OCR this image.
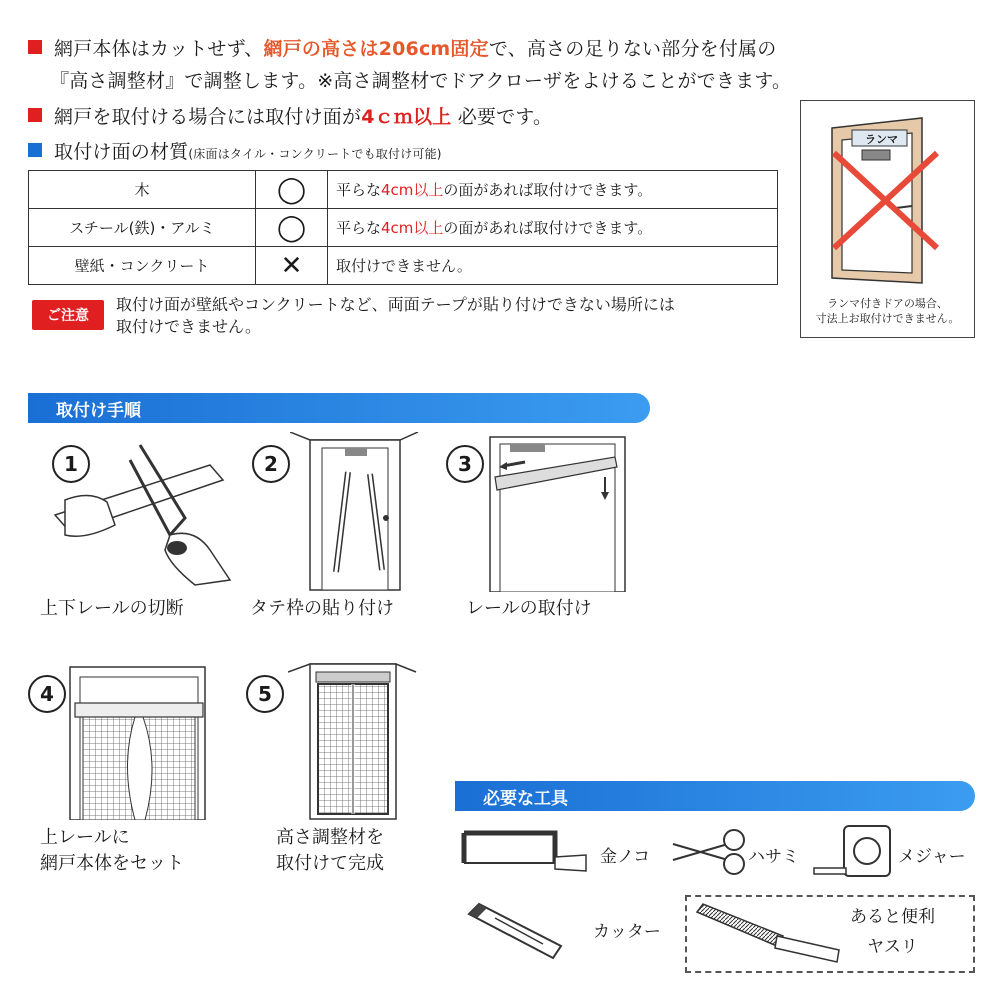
網戸本体はカットせず、網戸の高さは206cm固定で、高さの足りない部分を付属の
『高さ調整材』で調整します。※高さ調整材でドアクローザをよけることができます。
網戸を取付ける場合には取付け面が4ｃｍ以上 必要です。
取付け面の材質(床面はタイル・コンクリートでも取付け可能)
木	◯	平らな4cm以上の面があれば取付けできます。
スチール(鉄)・アルミ	◯	平らな4cm以上の面があれば取付けできます。
壁紙・コンクリート	✕	取付けできません。
ご注意
取付け面が壁紙やコンクリートなど、両面テープが貼り付けできない場所には
取付けできません。
ランマ
ランマ付きドアの場合、
寸法上お取付けできません。
取付け手順
1
上下レールの切断
2
タテ枠の貼り付け
3
レールの取付け
4
上レールに
網戸本体をセット
5
高さ調整材を
取付けて完成
必要な工具
金ノコ	ハサミ	メジャー
カッター
あると便利
ヤスリ
